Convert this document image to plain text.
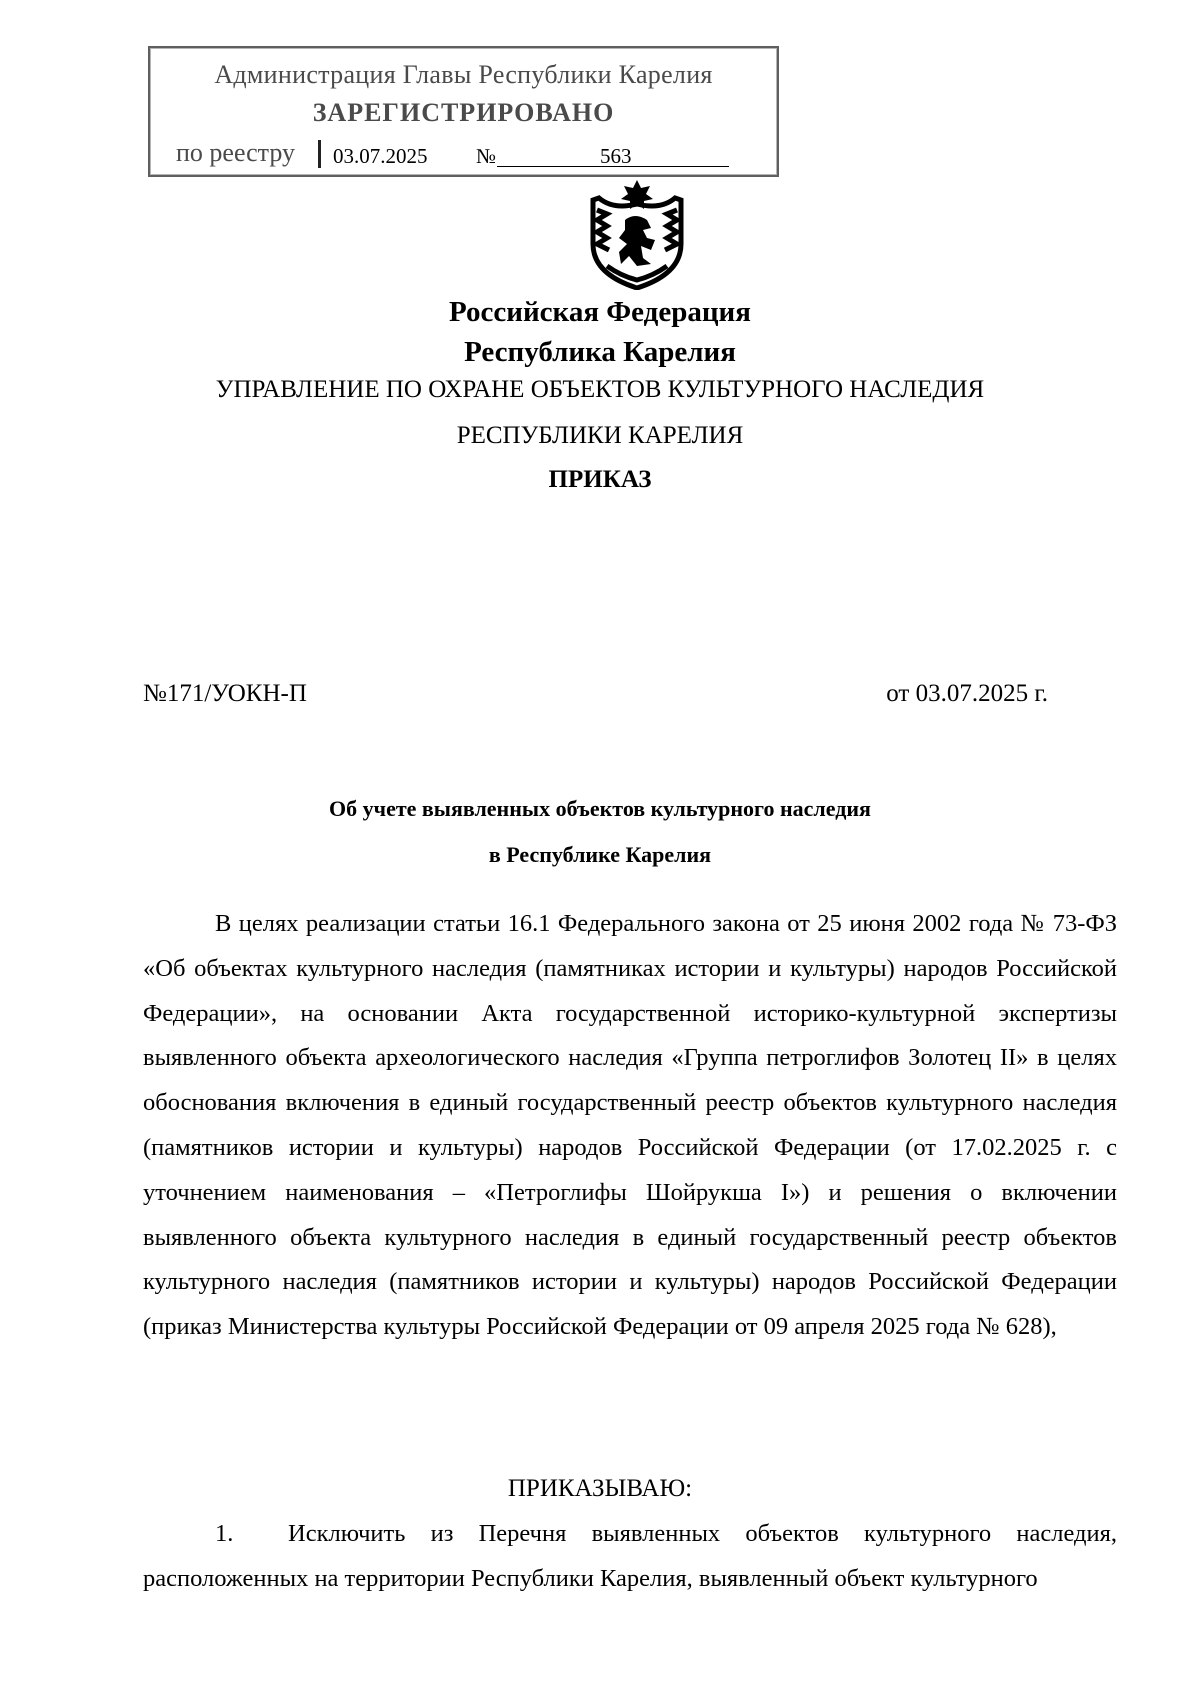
Администрация Главы Республики Карелия
ЗАРЕГИСТРИРОВАНО
по реестру 03.07.2025 №	563
Российская Федерация
Республика Карелия
УПРАВЛЕНИЕ ПО ОХРАНЕ ОБЪЕКТОВ КУЛЬТУРНОГО НАСЛЕДИЯ
РЕСПУБЛИКИ КАРЕЛИЯ
ПРИКАЗ
№171/УОКН-П	от 03.07.2025 г.
Об учете выявленных объектов культурного наследия
в Республике Карелия
В целях реализации статьи 16.1 Федерального закона от 25 июня 2002 года № 73-ФЗ «Об объектах культурного наследия (памятниках истории и культуры) народов Российской Федерации», на основании Акта государственной историко-культурной экспертизы выявленного объекта археологического наследия «Группа петроглифов Золотец II» в целях обоснования включения в единый государственный реестр объектов культурного наследия (памятников истории и культуры) народов Российской Федерации (от 17.02.2025 г. с уточнением наименования – «Петроглифы Шойрукша I») и решения о включении выявленного объекта культурного наследия в единый государственный реестр объектов культурного наследия (памятников истории и культуры) народов Российской Федерации (приказ Министерства культуры Российской Федерации от 09 апреля 2025 года № 628),
ПРИКАЗЫВАЮ:
1. Исключить из Перечня выявленных объектов культурного наследия, расположенных на территории Республики Карелия, выявленный объект культурного
